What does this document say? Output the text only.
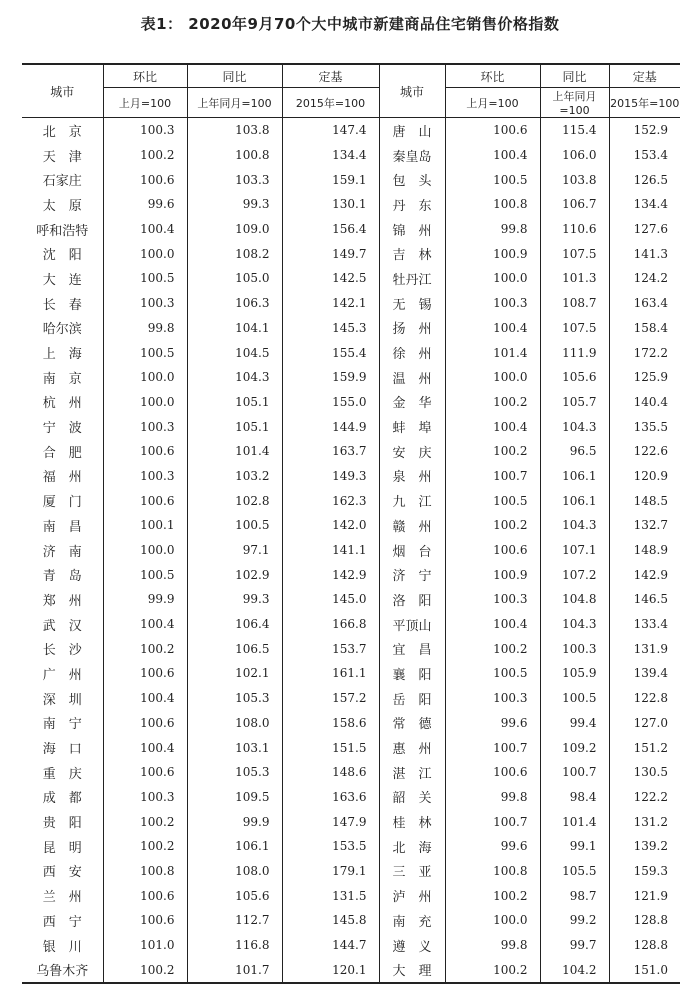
表1： 2020年9月70个大中城市新建商品住宅销售价格指数
城市	环比	同比	定基	城市	环比	同比	定基
	上月=100	上年同月=100	2015年=100		上月=100	上年同月=100	2015年=100
北　京	100.3	103.8	147.4	唐　山	100.6	115.4	152.9
天　津	100.2	100.8	134.4	秦皇岛	100.4	106.0	153.4
石家庄	100.6	103.3	159.1	包　头	100.5	103.8	126.5
太　原	99.6	99.3	130.1	丹　东	100.8	106.7	134.4
呼和浩特	100.4	109.0	156.4	锦　州	99.8	110.6	127.6
沈　阳	100.0	108.2	149.7	吉　林	100.9	107.5	141.3
大　连	100.5	105.0	142.5	牡丹江	100.0	101.3	124.2
长　春	100.3	106.3	142.1	无　锡	100.3	108.7	163.4
哈尔滨	99.8	104.1	145.3	扬　州	100.4	107.5	158.4
上　海	100.5	104.5	155.4	徐　州	101.4	111.9	172.2
南　京	100.0	104.3	159.9	温　州	100.0	105.6	125.9
杭　州	100.0	105.1	155.0	金　华	100.2	105.7	140.4
宁　波	100.3	105.1	144.9	蚌　埠	100.4	104.3	135.5
合　肥	100.6	101.4	163.7	安　庆	100.2	96.5	122.6
福　州	100.3	103.2	149.3	泉　州	100.7	106.1	120.9
厦　门	100.6	102.8	162.3	九　江	100.5	106.1	148.5
南　昌	100.1	100.5	142.0	赣　州	100.2	104.3	132.7
济　南	100.0	97.1	141.1	烟　台	100.6	107.1	148.9
青　岛	100.5	102.9	142.9	济　宁	100.9	107.2	142.9
郑　州	99.9	99.3	145.0	洛　阳	100.3	104.8	146.5
武　汉	100.4	106.4	166.8	平顶山	100.4	104.3	133.4
长　沙	100.2	106.5	153.7	宜　昌	100.2	100.3	131.9
广　州	100.6	102.1	161.1	襄　阳	100.5	105.9	139.4
深　圳	100.4	105.3	157.2	岳　阳	100.3	100.5	122.8
南　宁	100.6	108.0	158.6	常　德	99.6	99.4	127.0
海　口	100.4	103.1	151.5	惠　州	100.7	109.2	151.2
重　庆	100.6	105.3	148.6	湛　江	100.6	100.7	130.5
成　都	100.3	109.5	163.6	韶　关	99.8	98.4	122.2
贵　阳	100.2	99.9	147.9	桂　林	100.7	101.4	131.2
昆　明	100.2	106.1	153.5	北　海	99.6	99.1	139.2
西　安	100.8	108.0	179.1	三　亚	100.8	105.5	159.3
兰　州	100.6	105.6	131.5	泸　州	100.2	98.7	121.9
西　宁	100.6	112.7	145.8	南　充	100.0	99.2	128.8
银　川	101.0	116.8	144.7	遵　义	99.8	99.7	128.8
乌鲁木齐	100.2	101.7	120.1	大　理	100.2	104.2	151.0
